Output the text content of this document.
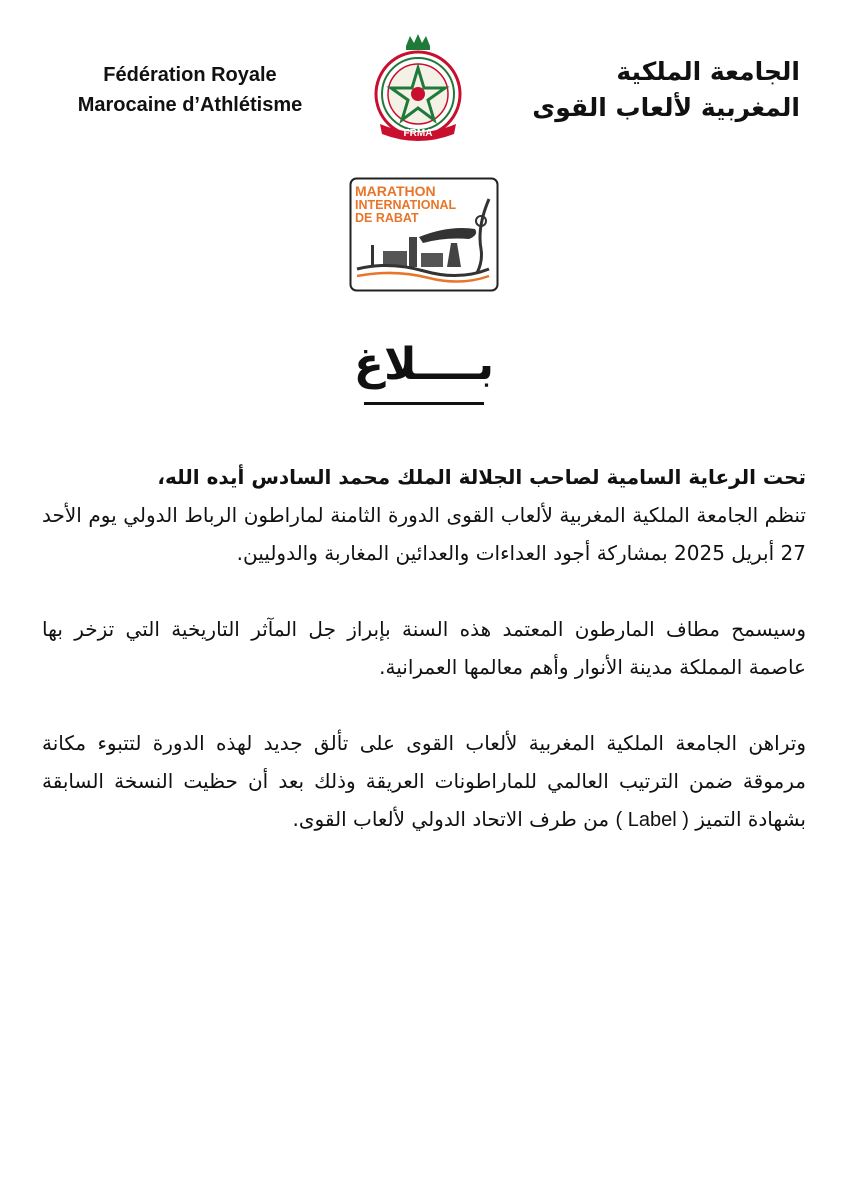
Fédération Royale
Marocaine d’Athlétisme
FRMA
الجامعة الملكية
المغربية لألعاب القوى
MARATHON
INTERNATIONAL
DE RABAT
بــــلاغ

تحت الرعاية السامية لصاحب الجلالة الملك محمد السادس أيده الله،

تنظم الجامعة الملكية المغربية لألعاب القوى الدورة الثامنة لماراطون الرباط الدولي يوم الأحد 27 أبريل 2025 بمشاركة أجود العداءات والعدائين المغاربة والدوليين.

وسيسمح مطاف المارطون المعتمد هذه السنة بإبراز جل المآثر التاريخية التي تزخر بها عاصمة المملكة مدينة الأنوار وأهم معالمها العمرانية.

وتراهن الجامعة الملكية المغربية لألعاب القوى على تألق جديد لهذه الدورة لتتبوء مكانة مرموقة ضمن الترتيب العالمي للماراطونات العريقة وذلك بعد أن حظيت النسخة السابقة بشهادة التميز ( Label ) من طرف الاتحاد الدولي لألعاب القوى.
